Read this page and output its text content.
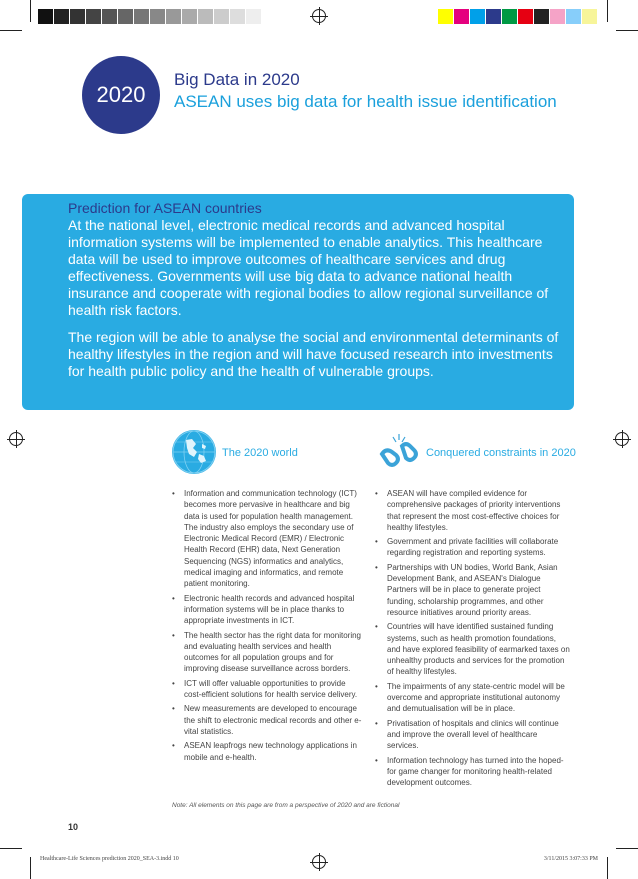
2020
Big Data in 2020
ASEAN uses big data for health issue identification
Prediction for ASEAN countries

At the national level, electronic medical records and advanced hospital information systems will be implemented to enable analytics. This healthcare data will be used to improve outcomes of healthcare services and drug effectiveness. Governments will use big data to advance national health insurance and cooperate with regional bodies to allow regional surveillance of health risk factors.

The region will be able to analyse the social and environmental determinants of healthy lifestyles in the region and will have focused research into investments for health public policy and the health of vulnerable groups.

The 2020 world
• Information and communication technology (ICT) becomes more pervasive in healthcare and big data is used for population health management. The industry also employs the secondary use of Electronic Medical Record (EMR) / Electronic Health Record (EHR) data, Next Generation Sequencing (NGS) informatics and analytics, medical imaging and informatics, and remote patient monitoring.
• Electronic health records and advanced hospital information systems will be in place thanks to appropriate investments in ICT.
• The health sector has the right data for monitoring and evaluating health services and health outcomes for all population groups and for improving disease surveillance across borders.
• ICT will offer valuable opportunities to provide cost-efficient solutions for health service delivery.
• New measurements are developed to encourage the shift to electronic medical records and other e-vital statistics.
• ASEAN leapfrogs new technology applications in mobile and e-health.
Conquered constraints in 2020
• ASEAN will have compiled evidence for comprehensive packages of priority interventions that represent the most cost-effective choices for healthy lifestyles.
• Government and private facilities will collaborate regarding registration and reporting systems.
• Partnerships with UN bodies, World Bank, Asian Development Bank, and ASEAN's Dialogue Partners will be in place to generate project funding, scholarship programmes, and other resource initiatives around priority areas.
• Countries will have identified sustained funding systems, such as health promotion foundations, and have explored feasibility of earmarked taxes on unhealthy products and services for the promotion of healthy lifestyles.
• The impairments of any state-centric model will be overcome and appropriate institutional autonomy and demutualisation will be in place.
• Privatisation of hospitals and clinics will continue and improve the overall level of healthcare services.
• Information technology has turned into the hoped-for game changer for monitoring health-related development outcomes.
Note: All elements on this page are from a perspective of 2020 and are fictional
10
Healthcare-Life Sciences prediction 2020_SEA-3.indd 10	3/11/2015 3:07:33 PM
